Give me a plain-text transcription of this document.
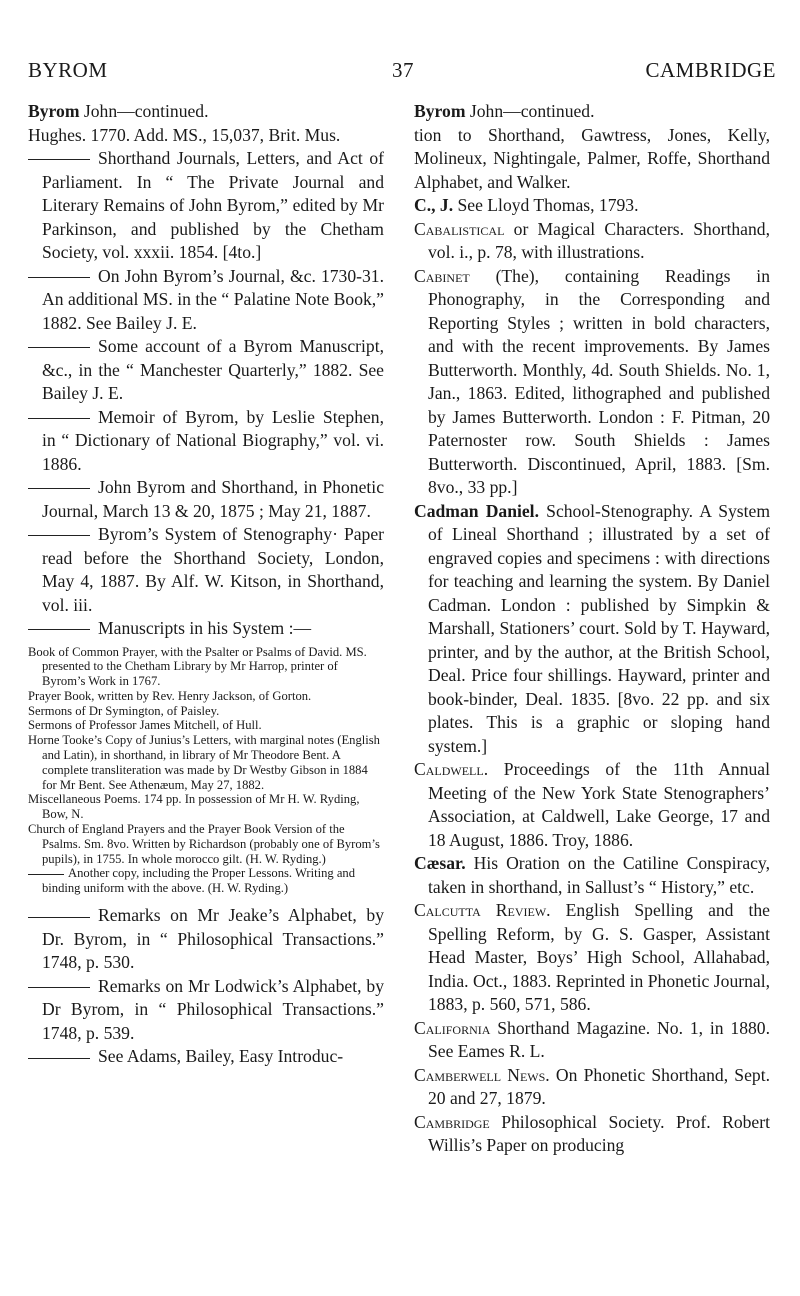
BYROM	37	CAMBRIDGE

Byrom John—continued.

Hughes. 1770. Add. MS., 15,037, Brit. Mus.

Shorthand Journals, Letters, and Act of Parliament. In “ The Private Journal and Literary Remains of John Byrom,” edited by Mr Parkinson, and published by the Chetham Society, vol. xxxii. 1854. [4to.]

On John Byrom’s Journal, &c. 1730-31. An additional MS. in the “ Palatine Note Book,” 1882. See Bailey J. E.

Some account of a Byrom Manuscript, &c., in the “ Manchester Quarterly,” 1882. See Bailey J. E.

Memoir of Byrom, by Leslie Stephen, in “ Dictionary of National Biography,” vol. vi. 1886.

John Byrom and Shorthand, in Phonetic Journal, March 13 & 20, 1875 ; May 21, 1887.

Byrom’s System of Stenography· Paper read before the Shorthand Society, London, May 4, 1887. By Alf. W. Kitson, in Shorthand, vol. iii.

Manuscripts in his System :—

Book of Common Prayer, with the Psalter or Psalms of David. MS. presented to the Chetham Library by Mr Harrop, printer of Byrom’s Work in 1767.

Prayer Book, written by Rev. Henry Jackson, of Gorton.

Sermons of Dr Symington, of Paisley.

Sermons of Professor James Mitchell, of Hull.

Horne Tooke’s Copy of Junius’s Letters, with marginal notes (English and Latin), in shorthand, in library of Mr Theodore Bent. A complete transliteration was made by Dr Westby Gibson in 1884 for Mr Bent. See Athenæum, May 27, 1882.

Miscellaneous Poems. 174 pp. In possession of Mr H. W. Ryding, Bow, N.

Church of England Prayers and the Prayer Book Version of the Psalms. Sm. 8vo. Written by Richardson (probably one of Byrom’s pupils), in 1755. In whole morocco gilt. (H. W. Ryding.)

Another copy, including the Proper Lessons. Writing and binding uniform with the above. (H. W. Ryding.)

Remarks on Mr Jeake’s Alphabet, by Dr. Byrom, in “ Philosophical Transactions.” 1748, p. 530.

Remarks on Mr Lodwick’s Alphabet, by Dr Byrom, in “ Philosophical Transactions.” 1748, p. 539.

See Adams, Bailey, Easy Introduc-

Byrom John—continued.

tion to Shorthand, Gawtress, Jones, Kelly, Molineux, Nightingale, Palmer, Roffe, Shorthand Alphabet, and Walker.

C., J. See Lloyd Thomas, 1793.

Cabalistical or Magical Characters. Shorthand, vol. i., p. 78, with illustrations.

Cabinet (The), containing Readings in Phonography, in the Corresponding and Reporting Styles ; written in bold characters, and with the recent improvements. By James Butterworth. Monthly, 4d. South Shields. No. 1, Jan., 1863. Edited, lithographed and published by James Butterworth. London : F. Pitman, 20 Paternoster row. South Shields : James Butterworth. Discontinued, April, 1883. [Sm. 8vo., 33 pp.]

Cadman Daniel. School-Stenography. A System of Lineal Shorthand ; illustrated by a set of engraved copies and specimens : with directions for teaching and learning the system. By Daniel Cadman. London : published by Simpkin & Marshall, Stationers’ court. Sold by T. Hayward, printer, and by the author, at the British School, Deal. Price four shillings. Hayward, printer and book-binder, Deal. 1835. [8vo. 22 pp. and six plates. This is a graphic or sloping hand system.]

Caldwell. Proceedings of the 11th Annual Meeting of the New York State Stenographers’ Association, at Caldwell, Lake George, 17 and 18 August, 1886. Troy, 1886.

Cæsar. His Oration on the Catiline Conspiracy, taken in shorthand, in Sallust’s “ History,” etc.

Calcutta Review. English Spelling and the Spelling Reform, by G. S. Gasper, Assistant Head Master, Boys’ High School, Allahabad, India. Oct., 1883. Reprinted in Phonetic Journal, 1883, p. 560, 571, 586.

California Shorthand Magazine. No. 1, in 1880. See Eames R. L.

Camberwell News. On Phonetic Shorthand, Sept. 20 and 27, 1879.

Cambridge Philosophical Society. Prof. Robert Willis’s Paper on producing
